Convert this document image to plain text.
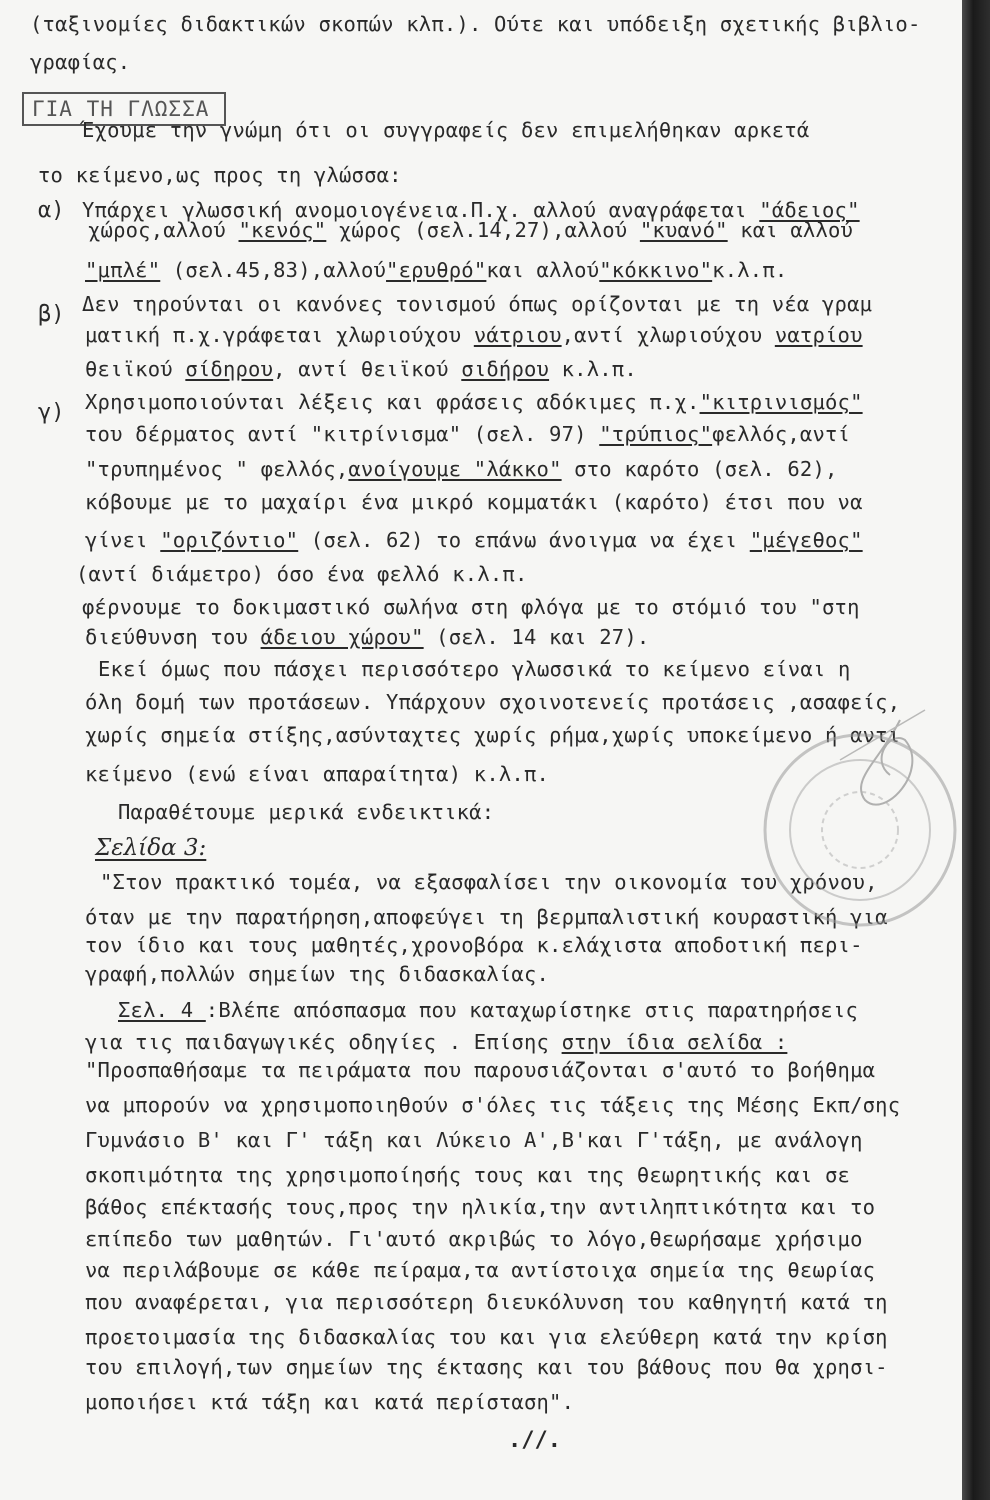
(ταξινομίες διδακτικών σκοπών κλπ.). Ούτε και υπόδειξη σχετικής βιβλιο-
γραφίας.
ΓΙΑ ΤΗ ΓΛΩΣΣΑ
Έχουμε την γνώμη ότι οι συγγραφείς δεν επιμελήθηκαν αρκετά
το κείμενο,ως προς τη γλώσσα:
α) Υπάρχει γλωσσική ανομοιογένεια.Π.χ. αλλού αναγράφεται "άδειος"
χώρος,αλλού "κενός" χώρος (σελ.14,27),αλλού "κυανό" και αλλού
"μπλέ" (σελ.45,83),αλλού"ερυθρό"και αλλού"κόκκινο"κ.λ.π.
β) Δεν τηρούνται οι κανόνες τονισμού όπως ορίζονται με τη νέα γραμ
ματική π.χ.γράφεται χλωριούχου νάτριου,αντί χλωριούχου νατρίου
θειϊκού σίδηρου, αντί θειϊκού σιδήρου κ.λ.π.
γ) Χρησιμοποιούνται λέξεις και φράσεις αδόκιμες π.χ."κιτρινισμός"
του δέρματος αντί "κιτρίνισμα" (σελ. 97) "τρύπιος"φελλός,αντί
"τρυπημένος " φελλός,ανοίγουμε "λάκκο" στο καρότο (σελ. 62),
κόβουμε με το μαχαίρι ένα μικρό κομματάκι (καρότο) έτσι που να
γίνει "οριζόντιο" (σελ. 62) το επάνω άνοιγμα να έχει "μέγεθος"
(αντί διάμετρο) όσο ένα φελλό κ.λ.π.
φέρνουμε το δοκιμαστικό σωλήνα στη φλόγα με το στόμιό του "στη
διεύθυνση του άδειου χώρου" (σελ. 14 και 27).
Εκεί όμως που πάσχει περισσότερο γλωσσικά το κείμενο είναι η
όλη δομή των προτάσεων. Υπάρχουν σχοινοτενείς προτάσεις ,ασαφείς,
χωρίς σημεία στίξης,ασύνταχτες χωρίς ρήμα,χωρίς υποκείμενο ή αντι
κείμενο (ενώ είναι απαραίτητα) κ.λ.π.
Παραθέτουμε μερικά ενδεικτικά:
Σελίδα 3:
"Στον πρακτικό τομέα, να εξασφαλίσει την οικονομία του χρόνου,
όταν με την παρατήρηση,αποφεύγει τη βερμπαλιστική κουραστική για
τον ίδιο και τους μαθητές,χρονοβόρα κ.ελάχιστα αποδοτική περι-
γραφή,πολλών σημείων της διδασκαλίας.
Σελ. 4 :Βλέπε απόσπασμα που καταχωρίστηκε στις παρατηρήσεις
για τις παιδαγωγικές οδηγίες . Επίσης στην ίδια σελίδα :
"Προσπαθήσαμε τα πειράματα που παρουσιάζονται σ'αυτό το βοήθημα
να μπορούν να χρησιμοποιηθούν σ'όλες τις τάξεις της Μέσης Εκπ/σης
Γυμνάσιο Β' και Γ' τάξη και Λύκειο Α',Β'και Γ'τάξη, με ανάλογη
σκοπιμότητα της χρησιμοποίησής τους και της θεωρητικής και σε
βάθος επέκτασής τους,προς την ηλικία,την αντιληπτικότητα και το
επίπεδο των μαθητών. Γι'αυτό ακριβώς το λόγο,θεωρήσαμε χρήσιμο
να περιλάβουμε σε κάθε πείραμα,τα αντίστοιχα σημεία της θεωρίας
που αναφέρεται, για περισσότερη διευκόλυνση του καθηγητή κατά τη
προετοιμασία της διδασκαλίας του και για ελεύθερη κατά την κρίση
του επιλογή,των σημείων της έκτασης και του βάθους που θα χρησι-
μοποιήσει κτά τάξη και κατά περίσταση".
.//.
